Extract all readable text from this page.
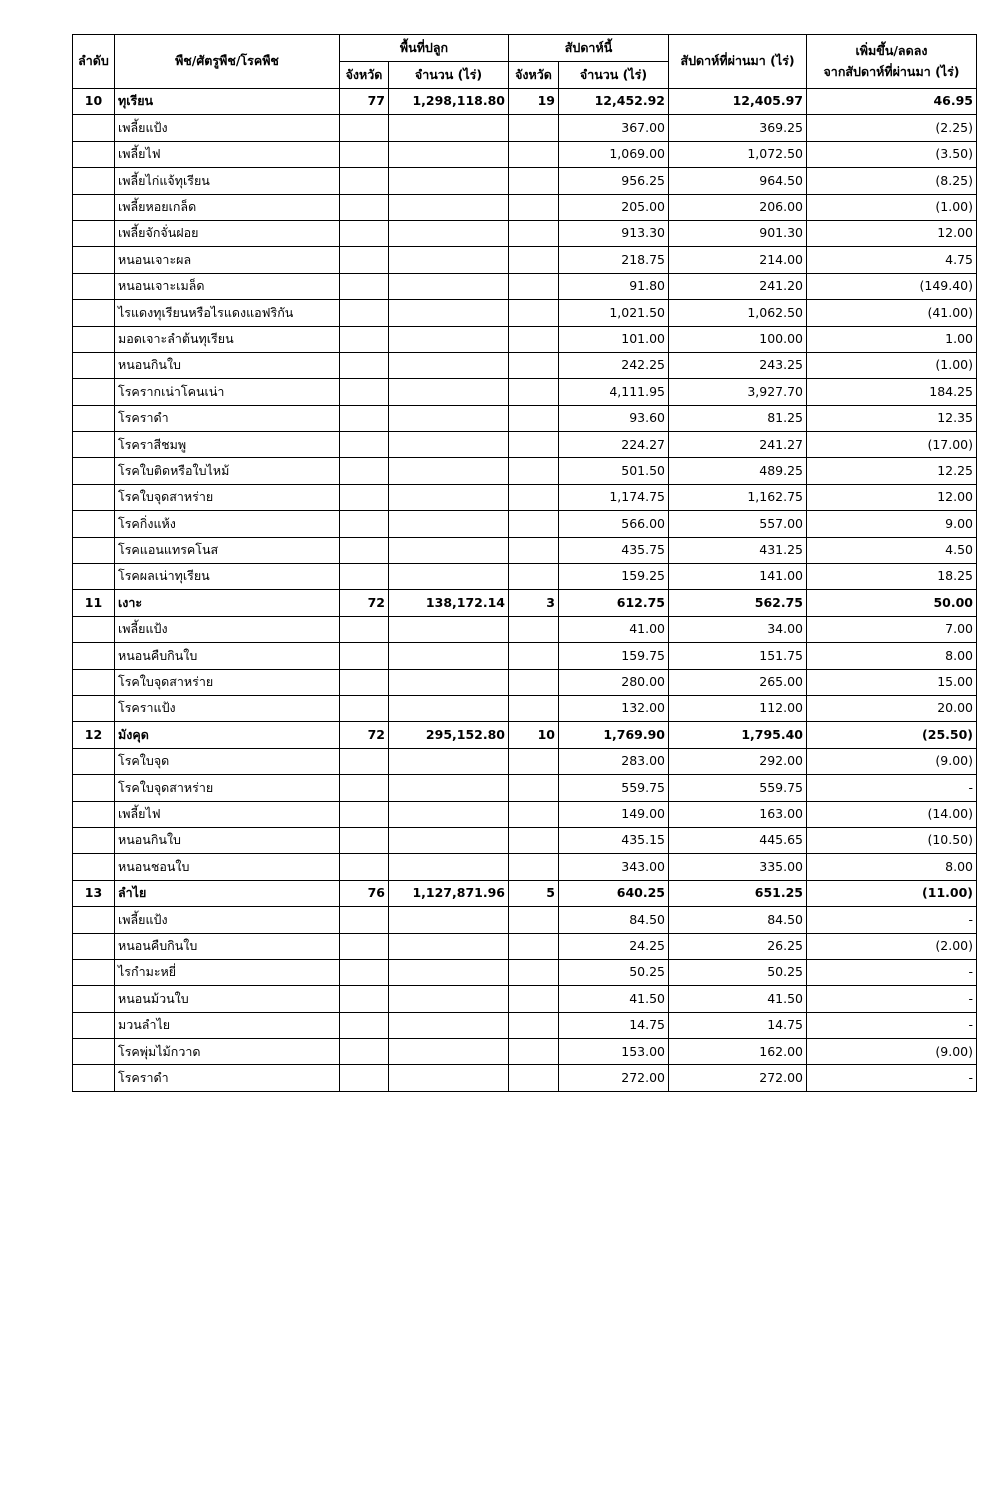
ลำดับ	พืช/ศัตรูพืช/โรคพืช	พื้นที่ปลูก		สัปดาห์นี้		สัปดาห์ที่ผ่านมา (ไร่)	เพิ่มขึ้น/ลดลง
จากสัปดาห์ที่ผ่านมา (ไร่)

		จังหวัด	จำนวน (ไร่)	จังหวัด	จำนวน (ไร่)		
10	ทุเรียน	77	1,298,118.80	19	12,452.92	12,405.97	46.95
	เพลี้ยแป้ง				367.00	369.25	(2.25)
	เพลี้ยไฟ				1,069.00	1,072.50	(3.50)
	เพลี้ยไก่แจ้ทุเรียน				956.25	964.50	(8.25)
	เพลี้ยหอยเกล็ด				205.00	206.00	(1.00)
	เพลี้ยจักจั่นฝอย				913.30	901.30	12.00
	หนอนเจาะผล				218.75	214.00	4.75
	หนอนเจาะเมล็ด				91.80	241.20	(149.40)
	ไรแดงทุเรียนหรือไรแดงแอฟริกัน				1,021.50	1,062.50	(41.00)
	มอดเจาะลำต้นทุเรียน				101.00	100.00	1.00
	หนอนกินใบ				242.25	243.25	(1.00)
	โรครากเน่าโคนเน่า				4,111.95	3,927.70	184.25
	โรคราดำ				93.60	81.25	12.35
	โรคราสีชมพู				224.27	241.27	(17.00)
	โรคใบติดหรือใบไหม้				501.50	489.25	12.25
	โรคใบจุดสาหร่าย				1,174.75	1,162.75	12.00
	โรคกิ่งแห้ง				566.00	557.00	9.00
	โรคแอนแทรคโนส				435.75	431.25	4.50
	โรคผลเน่าทุเรียน				159.25	141.00	18.25
11	เงาะ	72	138,172.14	3	612.75	562.75	50.00
	เพลี้ยแป้ง				41.00	34.00	7.00
	หนอนคืบกินใบ				159.75	151.75	8.00
	โรคใบจุดสาหร่าย				280.00	265.00	15.00
	โรคราแป้ง				132.00	112.00	20.00
12	มังคุด	72	295,152.80	10	1,769.90	1,795.40	(25.50)
	โรคใบจุด				283.00	292.00	(9.00)
	โรคใบจุดสาหร่าย				559.75	559.75	-
	เพลี้ยไฟ				149.00	163.00	(14.00)
	หนอนกินใบ				435.15	445.65	(10.50)
	หนอนชอนใบ				343.00	335.00	8.00
13	ลำไย	76	1,127,871.96	5	640.25	651.25	(11.00)
	เพลี้ยแป้ง				84.50	84.50	-
	หนอนคืบกินใบ				24.25	26.25	(2.00)
	ไรกำมะหยี่				50.25	50.25	-
	หนอนม้วนใบ				41.50	41.50	-
	มวนลำไย				14.75	14.75	-
	โรคพุ่มไม้กวาด				153.00	162.00	(9.00)
	โรคราดำ				272.00	272.00	-
